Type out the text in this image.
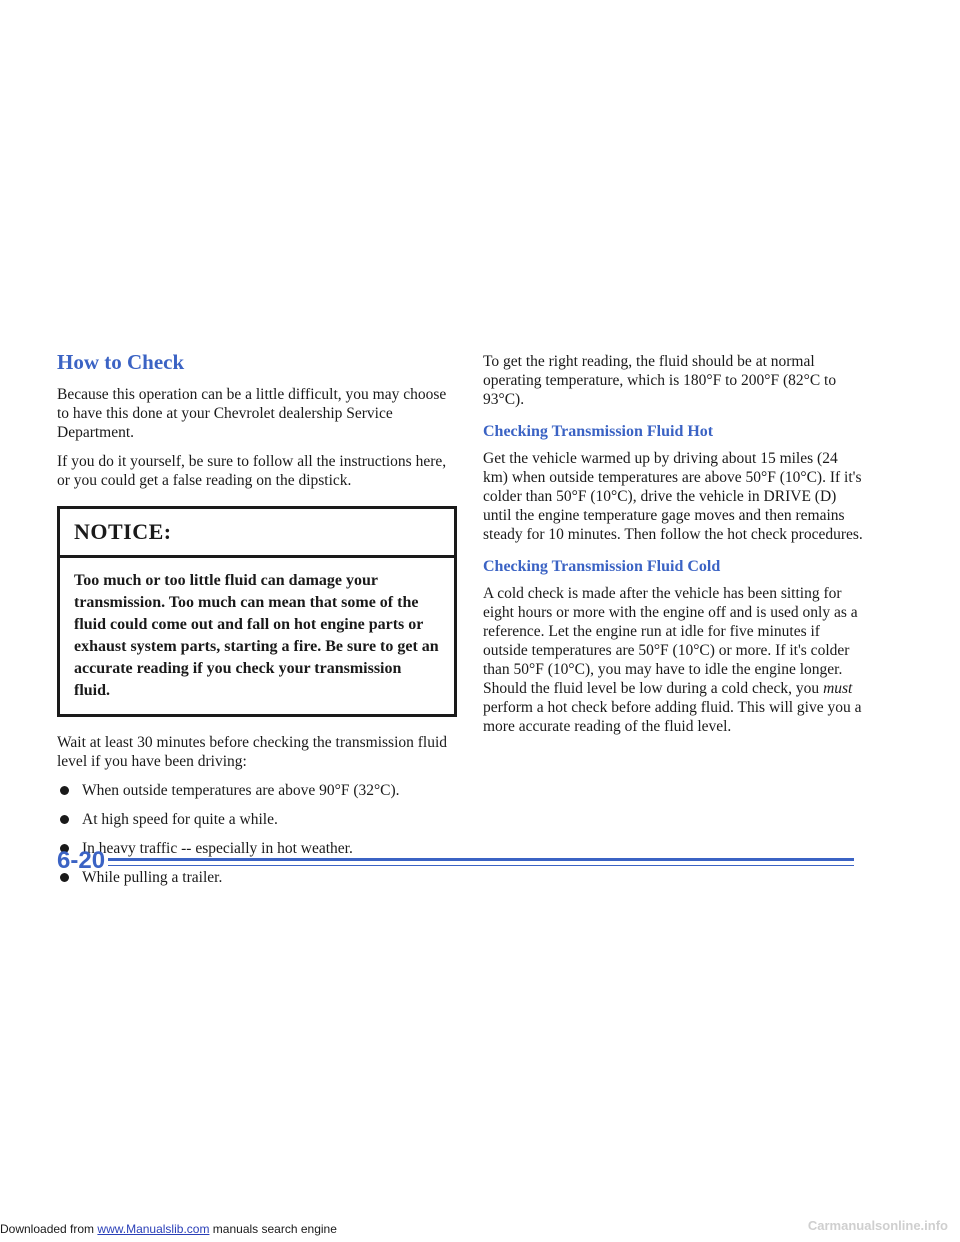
How to Check

Because this operation can be a little difficult, you may choose to have this done at your Chevrolet dealership Service Department.

If you do it yourself, be sure to follow all the instructions here, or you could get a false reading on the dipstick.

NOTICE:
Too much or too little fluid can damage your transmission. Too much can mean that some of the fluid could come out and fall on hot engine parts or exhaust system parts, starting a fire. Be sure to get an accurate reading if you check your transmission fluid.

Wait at least 30 minutes before checking the transmission fluid level if you have been driving:

When outside temperatures are above 90°F (32°C).
At high speed for quite a while.
In heavy traffic -- especially in hot weather.
While pulling a trailer.

To get the right reading, the fluid should be at normal operating temperature, which is 180°F to 200°F (82°C to 93°C).

Checking Transmission Fluid Hot

Get the vehicle warmed up by driving about 15 miles (24 km) when outside temperatures are above 50°F (10°C). If it's colder than 50°F (10°C), drive the vehicle in DRIVE (D) until the engine temperature gage moves and then remains steady for 10 minutes. Then follow the hot check procedures.

Checking Transmission Fluid Cold

A cold check is made after the vehicle has been sitting for eight hours or more with the engine off and is used only as a reference. Let the engine run at idle for five minutes if outside temperatures are 50°F (10°C) or more. If it's colder than 50°F (10°C), you may have to idle the engine longer. Should the fluid level be low during a cold check, you must perform a hot check before adding fluid. This will give you a more accurate reading of the fluid level.

6-20
Downloaded from www.Manualslib.com manuals search engine	Carmanualsonline.info
